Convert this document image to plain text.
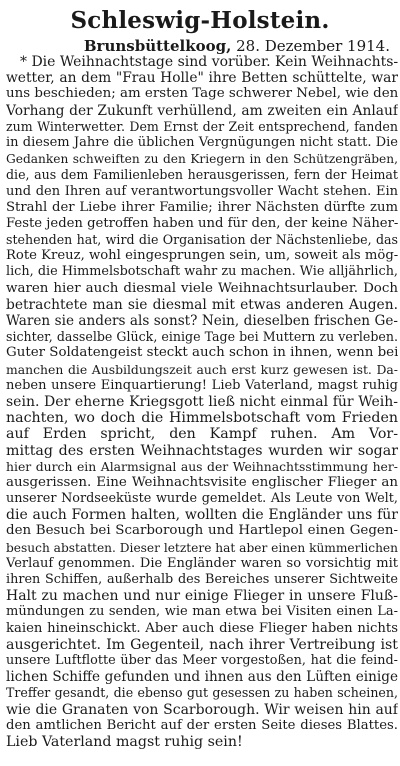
Schleswig-Holstein.
Brunsbüttelkoog, 28. Dezember 1914.
* Die Weihnachtstage sind vorüber. Kein Weihnachts-
wetter, an dem "Frau Holle" ihre Betten schüttelte, war
uns beschieden; am ersten Tage schwerer Nebel, wie den
Vorhang der Zukunft verhüllend, am zweiten ein Anlauf
zum Winterwetter. Dem Ernst der Zeit entsprechend, fanden
in diesem Jahre die üblichen Vergnügungen nicht statt. Die
Gedanken schweiften zu den Kriegern in den Schützengräben,
die, aus dem Familienleben herausgerissen, fern der Heimat
und den Ihren auf verantwortungsvoller Wacht stehen. Ein
Strahl der Liebe ihrer Familie; ihrer Nächsten dürfte zum
Feste jeden getroffen haben und für den, der keine Näher-
stehenden hat, wird die Organisation der Nächstenliebe, das
Rote Kreuz, wohl eingesprungen sein, um, soweit als mög-
lich, die Himmelsbotschaft wahr zu machen. Wie alljährlich,
waren hier auch diesmal viele Weihnachtsurlauber. Doch
betrachtete man sie diesmal mit etwas anderen Augen.
Waren sie anders als sonst? Nein, dieselben frischen Ge-
sichter, dasselbe Glück, einige Tage bei Muttern zu verleben.
Guter Soldatengeist steckt auch schon in ihnen, wenn bei
manchen die Ausbildungszeit auch erst kurz gewesen ist. Da-
neben unsere Einquartierung! Lieb Vaterland, magst ruhig
sein. Der eherne Kriegsgott ließ nicht einmal für Weih-
nachten, wo doch die Himmelsbotschaft vom Frieden
auf Erden spricht, den Kampf ruhen. Am Vor-
mittag des ersten Weihnachtstages wurden wir sogar
hier durch ein Alarmsignal aus der Weihnachtsstimmung her-
ausgerissen. Eine Weihnachtsvisite englischer Flieger an
unserer Nordseeküste wurde gemeldet. Als Leute von Welt,
die auch Formen halten, wollten die Engländer uns für
den Besuch bei Scarborough und Hartlepol einen Gegen-
besuch abstatten. Dieser letztere hat aber einen kümmerlichen
Verlauf genommen. Die Engländer waren so vorsichtig mit
ihren Schiffen, außerhalb des Bereiches unserer Sichtweite
Halt zu machen und nur einige Flieger in unsere Fluß-
mündungen zu senden, wie man etwa bei Visiten einen La-
kaien hineinschickt. Aber auch diese Flieger haben nichts
ausgerichtet. Im Gegenteil, nach ihrer Vertreibung ist
unsere Luftflotte über das Meer vorgestoßen, hat die feind-
lichen Schiffe gefunden und ihnen aus den Lüften einige
Treffer gesandt, die ebenso gut gesessen zu haben scheinen,
wie die Granaten von Scarborough. Wir weisen hin auf
den amtlichen Bericht auf der ersten Seite dieses Blattes.
Lieb Vaterland magst ruhig sein!
